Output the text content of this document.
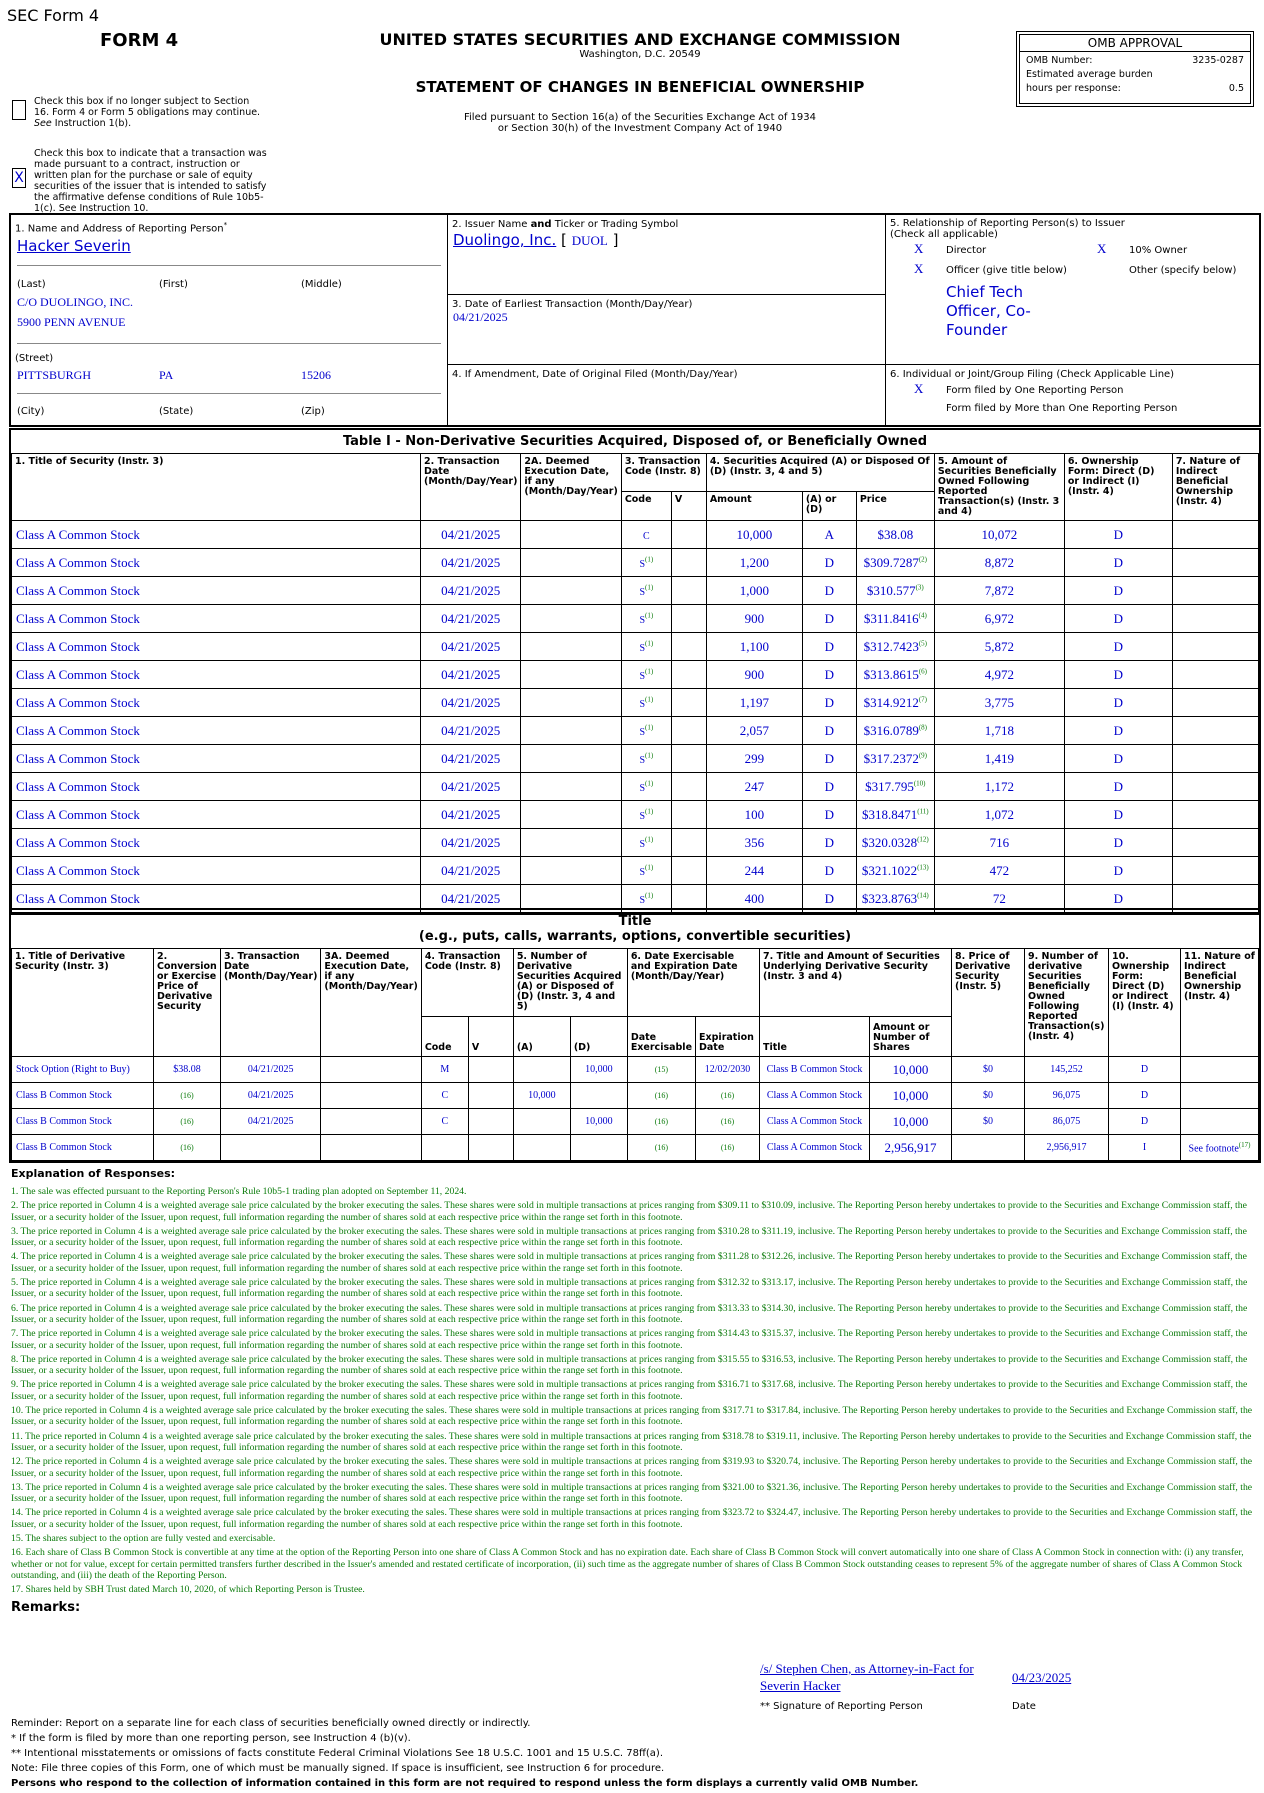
SEC Form 4
FORM 4	UNITED STATES SECURITIES AND EXCHANGE COMMISSION
Washington, D.C. 20549
STATEMENT OF CHANGES IN BENEFICIAL OWNERSHIP
Filed pursuant to Section 16(a) of the Securities Exchange Act of 1934
or Section 30(h) of the Investment Company Act of 1940
OMB APPROVAL
OMB Number:	3235-0287
Estimated average burden
hours per response:	0.5
Check this box if no longer subject to Section 16. Form 4 or Form 5 obligations may continue. See Instruction 1(b).
X
Check this box to indicate that a transaction was made pursuant to a contract, instruction or written plan for the purchase or sale of equity securities of the issuer that is intended to satisfy the affirmative defense conditions of Rule 10b5-1(c). See Instruction 10.
1. Name and Address of Reporting Person*
Hacker Severin
(Last)	(First)	(Middle)
C/O DUOLINGO, INC.
5900 PENN AVENUE
(Street)
PITTSBURGH	PA	15206
(City)	(State)	(Zip)
2. Issuer Name and Ticker or Trading Symbol
Duolingo, Inc. [ DUOL ]
3. Date of Earliest Transaction (Month/Day/Year)
04/21/2025
4. If Amendment, Date of Original Filed (Month/Day/Year)
5. Relationship of Reporting Person(s) to Issuer
(Check all applicable)
X Director	X 10% Owner
X Officer (give title below)	Other (specify below)
Chief Tech Officer, Co-Founder
6. Individual or Joint/Group Filing (Check Applicable Line)
X Form filed by One Reporting Person
Form filed by More than One Reporting Person
Table I - Non-Derivative Securities Acquired, Disposed of, or Beneficially Owned
1. Title of Security (Instr. 3)	2. Transaction Date (Month/Day/Year)	2A. Deemed Execution Date, if any (Month/Day/Year)	3. Transaction Code (Instr. 8)		4. Securities Acquired (A) or Disposed Of (D) (Instr. 3, 4 and 5)			5. Amount of Securities Beneficially Owned Following Reported Transaction(s) (Instr. 3 and 4)	6. Ownership Form: Direct (D) or Indirect (I) (Instr. 4)	7. Nature of Indirect Beneficial Ownership (Instr. 4)
			Code	V	Amount	(A) or (D)	Price			
Class A Common Stock	04/21/2025		C		10,000	A	$38.08	10,072	D	
Class A Common Stock	04/21/2025		$S^{(1)}$		1,200	D	$309.7287$^{(2)}$	8,872	D	
Class A Common Stock	04/21/2025		$S^{(1)}$		1,000	D	$310.577$^{(3)}$	7,872	D	
Class A Common Stock	04/21/2025		$S^{(1)}$		900	D	$311.8416$^{(4)}$	6,972	D	
Class A Common Stock	04/21/2025		$S^{(1)}$		1,100	D	$312.7423$^{(5)}$	5,872	D	
Class A Common Stock	04/21/2025		$S^{(1)}$		900	D	$313.8615$^{(6)}$	4,972	D	
Class A Common Stock	04/21/2025		$S^{(1)}$		1,197	D	$314.9212$^{(7)}$	3,775	D	
Class A Common Stock	04/21/2025		$S^{(1)}$		2,057	D	$316.0789$^{(8)}$	1,718	D	
Class A Common Stock	04/21/2025		$S^{(1)}$		299	D	$317.2372$^{(9)}$	1,419	D	
Class A Common Stock	04/21/2025		$S^{(1)}$		247	D	$317.795$^{(10)}$	1,172	D	
Class A Common Stock	04/21/2025		$S^{(1)}$		100	D	$318.8471$^{(11)}$	1,072	D	
Class A Common Stock	04/21/2025		$S^{(1)}$		356	D	$320.0328$^{(12)}$	716	D	
Class A Common Stock	04/21/2025		$S^{(1)}$		244	D	$321.1022$^{(13)}$	472	D	
Class A Common Stock	04/21/2025		$S^{(1)}$		400	D	$323.8763$^{(14)}$	72	D	
Title
(e.g., puts, calls, warrants, options, convertible securities)
1. Title of Derivative Security (Instr. 3)	2. Conversion or Exercise Price of Derivative Security	3. Transaction Date (Month/Day/Year)	3A. Deemed Execution Date, if any (Month/Day/Year)	4. Transaction Code (Instr. 8)		5. Number of Derivative Securities Acquired (A) or Disposed of (D) (Instr. 3, 4 and 5)		6. Date Exercisable and Expiration Date (Month/Day/Year)		7. Title and Amount of Securities Underlying Derivative Security (Instr. 3 and 4)		8. Price of Derivative Security (Instr. 5)	9. Number of derivative Securities Beneficially Owned Following Reported Transaction(s) (Instr. 4)	10. Ownership Form: Direct (D) or Indirect (I) (Instr. 4)	11. Nature of Indirect Beneficial Ownership (Instr. 4)
				Code	V	(A)	(D)	Date Exercisable	Expiration Date	Title	Amount or Number of Shares				
Stock Option (Right to Buy)	$38.08	04/21/2025		M			10,000	(15)	12/02/2030	Class B Common Stock	10,000	$0	145,252	D	
Class B Common Stock	(16)	04/21/2025		C		10,000		(16)	(16)	Class A Common Stock	10,000	$0	96,075	D	
Class B Common Stock	(16)	04/21/2025		C			10,000	(16)	(16)	Class A Common Stock	10,000	$0	86,075	D	
Class B Common Stock	(16)							(16)	(16)	Class A Common Stock	2,956,917		2,956,917	I	See footnote$^{(17)}$
Explanation of Responses:
1. The sale was effected pursuant to the Reporting Person's Rule 10b5-1 trading plan adopted on September 11, 2024.
2. The price reported in Column 4 is a weighted average sale price calculated by the broker executing the sales. These shares were sold in multiple transactions at prices ranging from $309.11 to $310.09, inclusive. The Reporting Person hereby undertakes to provide to the Securities and Exchange Commission staff, the Issuer, or a security holder of the Issuer, upon request, full information regarding the number of shares sold at each respective price within the range set forth in this footnote.
3. The price reported in Column 4 is a weighted average sale price calculated by the broker executing the sales. These shares were sold in multiple transactions at prices ranging from $310.28 to $311.19, inclusive. The Reporting Person hereby undertakes to provide to the Securities and Exchange Commission staff, the Issuer, or a security holder of the Issuer, upon request, full information regarding the number of shares sold at each respective price within the range set forth in this footnote.
4. The price reported in Column 4 is a weighted average sale price calculated by the broker executing the sales. These shares were sold in multiple transactions at prices ranging from $311.28 to $312.26, inclusive. The Reporting Person hereby undertakes to provide to the Securities and Exchange Commission staff, the Issuer, or a security holder of the Issuer, upon request, full information regarding the number of shares sold at each respective price within the range set forth in this footnote.
5. The price reported in Column 4 is a weighted average sale price calculated by the broker executing the sales. These shares were sold in multiple transactions at prices ranging from $312.32 to $313.17, inclusive. The Reporting Person hereby undertakes to provide to the Securities and Exchange Commission staff, the Issuer, or a security holder of the Issuer, upon request, full information regarding the number of shares sold at each respective price within the range set forth in this footnote.
6. The price reported in Column 4 is a weighted average sale price calculated by the broker executing the sales. These shares were sold in multiple transactions at prices ranging from $313.33 to $314.30, inclusive. The Reporting Person hereby undertakes to provide to the Securities and Exchange Commission staff, the Issuer, or a security holder of the Issuer, upon request, full information regarding the number of shares sold at each respective price within the range set forth in this footnote.
7. The price reported in Column 4 is a weighted average sale price calculated by the broker executing the sales. These shares were sold in multiple transactions at prices ranging from $314.43 to $315.37, inclusive. The Reporting Person hereby undertakes to provide to the Securities and Exchange Commission staff, the Issuer, or a security holder of the Issuer, upon request, full information regarding the number of shares sold at each respective price within the range set forth in this footnote.
8. The price reported in Column 4 is a weighted average sale price calculated by the broker executing the sales. These shares were sold in multiple transactions at prices ranging from $315.55 to $316.53, inclusive. The Reporting Person hereby undertakes to provide to the Securities and Exchange Commission staff, the Issuer, or a security holder of the Issuer, upon request, full information regarding the number of shares sold at each respective price within the range set forth in this footnote.
9. The price reported in Column 4 is a weighted average sale price calculated by the broker executing the sales. These shares were sold in multiple transactions at prices ranging from $316.71 to $317.68, inclusive. The Reporting Person hereby undertakes to provide to the Securities and Exchange Commission staff, the Issuer, or a security holder of the Issuer, upon request, full information regarding the number of shares sold at each respective price within the range set forth in this footnote.
10. The price reported in Column 4 is a weighted average sale price calculated by the broker executing the sales. These shares were sold in multiple transactions at prices ranging from $317.71 to $317.84, inclusive. The Reporting Person hereby undertakes to provide to the Securities and Exchange Commission staff, the Issuer, or a security holder of the Issuer, upon request, full information regarding the number of shares sold at each respective price within the range set forth in this footnote.
11. The price reported in Column 4 is a weighted average sale price calculated by the broker executing the sales. These shares were sold in multiple transactions at prices ranging from $318.78 to $319.11, inclusive. The Reporting Person hereby undertakes to provide to the Securities and Exchange Commission staff, the Issuer, or a security holder of the Issuer, upon request, full information regarding the number of shares sold at each respective price within the range set forth in this footnote.
12. The price reported in Column 4 is a weighted average sale price calculated by the broker executing the sales. These shares were sold in multiple transactions at prices ranging from $319.93 to $320.74, inclusive. The Reporting Person hereby undertakes to provide to the Securities and Exchange Commission staff, the Issuer, or a security holder of the Issuer, upon request, full information regarding the number of shares sold at each respective price within the range set forth in this footnote.
13. The price reported in Column 4 is a weighted average sale price calculated by the broker executing the sales. These shares were sold in multiple transactions at prices ranging from $321.00 to $321.36, inclusive. The Reporting Person hereby undertakes to provide to the Securities and Exchange Commission staff, the Issuer, or a security holder of the Issuer, upon request, full information regarding the number of shares sold at each respective price within the range set forth in this footnote.
14. The price reported in Column 4 is a weighted average sale price calculated by the broker executing the sales. These shares were sold in multiple transactions at prices ranging from $323.72 to $324.47, inclusive. The Reporting Person hereby undertakes to provide to the Securities and Exchange Commission staff, the Issuer, or a security holder of the Issuer, upon request, full information regarding the number of shares sold at each respective price within the range set forth in this footnote.
15. The shares subject to the option are fully vested and exercisable.
16. Each share of Class B Common Stock is convertible at any time at the option of the Reporting Person into one share of Class A Common Stock and has no expiration date. Each share of Class B Common Stock will convert automatically into one share of Class A Common Stock in connection with: (i) any transfer, whether or not for value, except for certain permitted transfers further described in the Issuer's amended and restated certificate of incorporation, (ii) such time as the aggregate number of shares of Class B Common Stock outstanding ceases to represent 5% of the aggregate number of shares of Class A Common Stock outstanding, and (iii) the death of the Reporting Person.
17. Shares held by SBH Trust dated March 10, 2020, of which Reporting Person is Trustee.
Remarks:
/s/ Stephen Chen, as Attorney-in-Fact for Severin Hacker
04/23/2025
** Signature of Reporting Person	Date
Reminder: Report on a separate line for each class of securities beneficially owned directly or indirectly.
* If the form is filed by more than one reporting person, see Instruction 4 (b)(v).
** Intentional misstatements or omissions of facts constitute Federal Criminal Violations See 18 U.S.C. 1001 and 15 U.S.C. 78ff(a).
Note: File three copies of this Form, one of which must be manually signed. If space is insufficient, see Instruction 6 for procedure.
Persons who respond to the collection of information contained in this form are not required to respond unless the form displays a currently valid OMB Number.
